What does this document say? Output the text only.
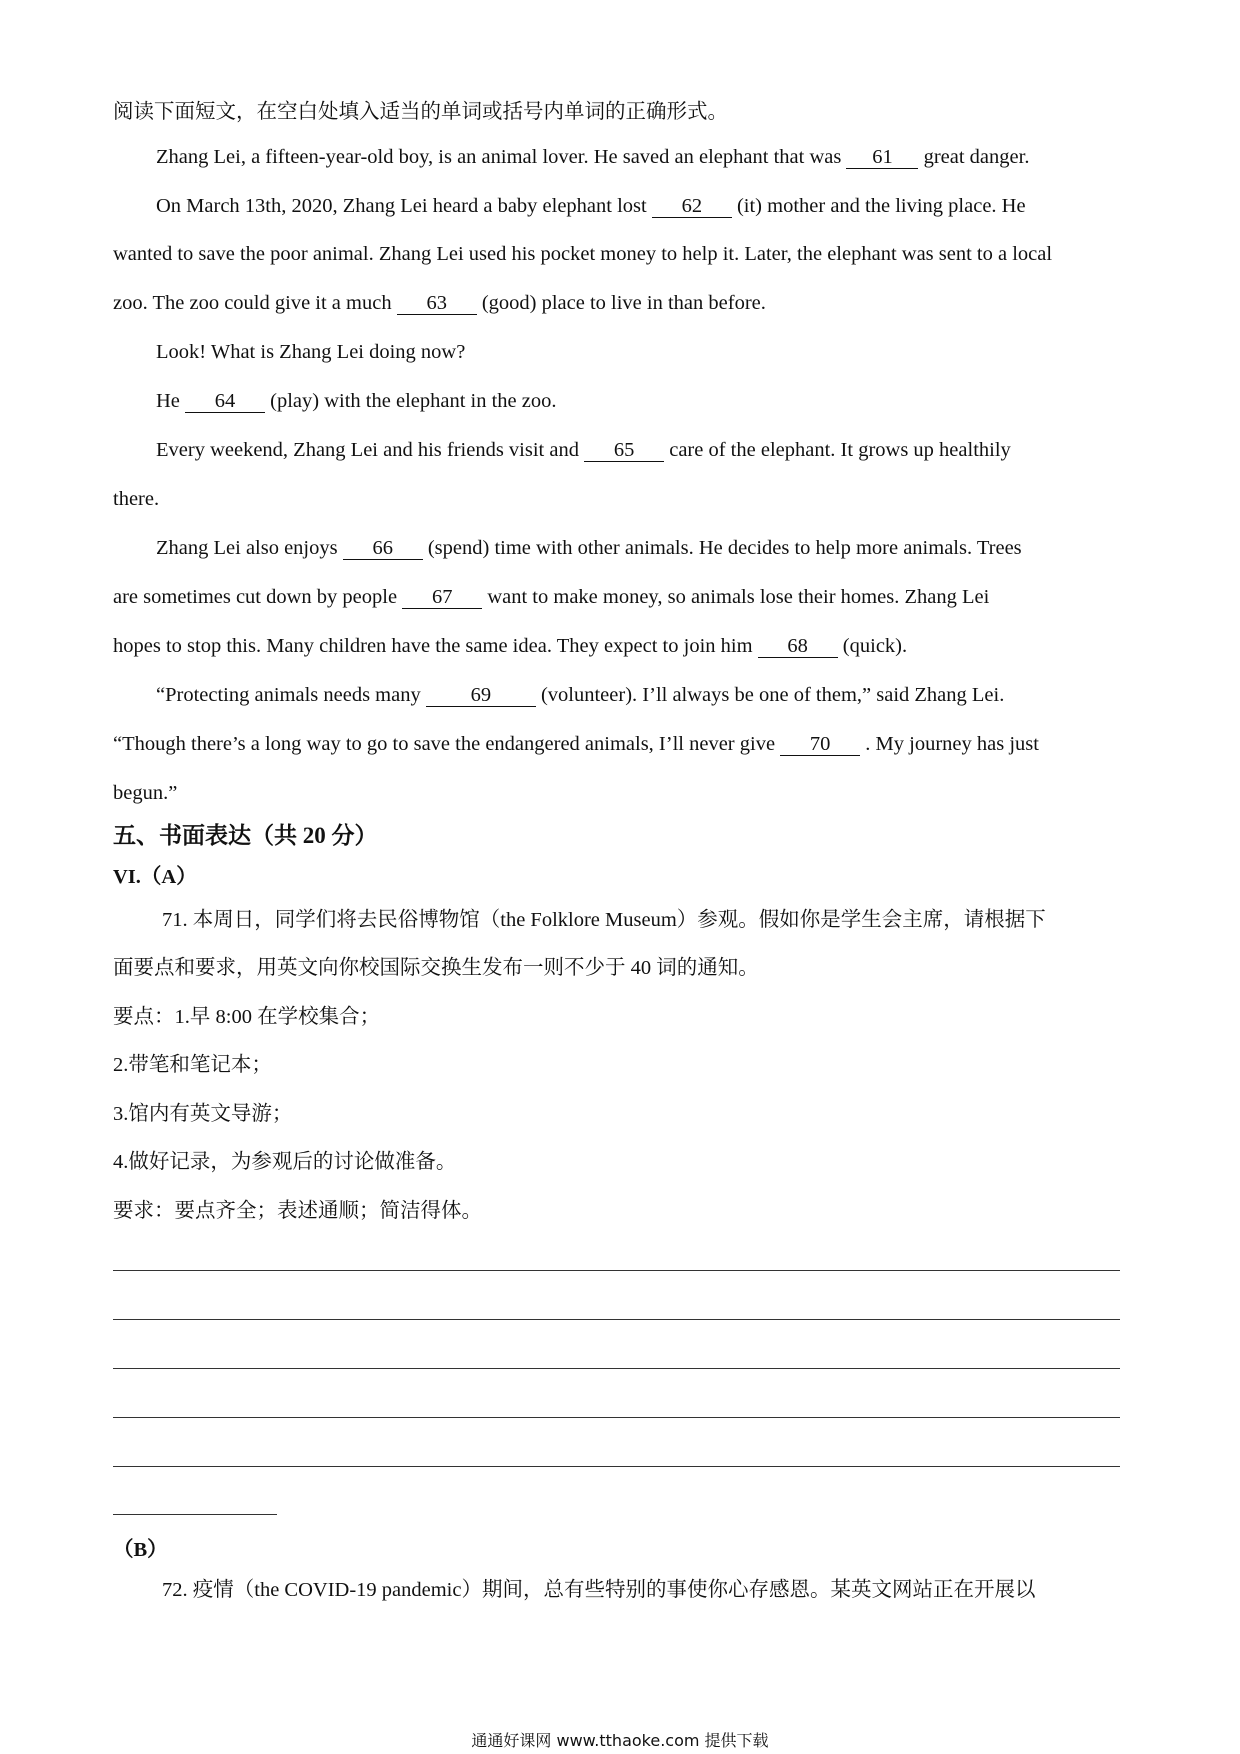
阅读下面短文，在空白处填入适当的单词或括号内单词的正确形式。
Zhang Lei, a fifteen-year-old boy, is an animal lover. He saved an elephant that was 61 great danger.
On March 13th, 2020, Zhang Lei heard a baby elephant lost 62 (it) mother and the living place. He
wanted to save the poor animal. Zhang Lei used his pocket money to help it. Later, the elephant was sent to a local
zoo. The zoo could give it a much 63 (good) place to live in than before.
Look! What is Zhang Lei doing now?
He 64 (play) with the elephant in the zoo.
Every weekend, Zhang Lei and his friends visit and 65 care of the elephant. It grows up healthily
there.
Zhang Lei also enjoys 66 (spend) time with other animals. He decides to help more animals. Trees
are sometimes cut down by people 67 want to make money, so animals lose their homes. Zhang Lei
hopes to stop this. Many children have the same idea. They expect to join him 68 (quick).
“Protecting animals needs many 69 (volunteer). I’ll always be one of them,” said Zhang Lei.
“Though there’s a long way to go to save the endangered animals, I’ll never give 70 . My journey has just
begun.”
五、书面表达（共 20 分）
VI.（A）
71. 本周日，同学们将去民俗博物馆（the Folklore Museum）参观。假如你是学生会主席，请根据下
面要点和要求，用英文向你校国际交换生发布一则不少于 40 词的通知。
要点：1.早 8:00 在学校集合；
2.带笔和笔记本；
3.馆内有英文导游；
4.做好记录，为参观后的讨论做准备。
要求：要点齐全；表述通顺；简洁得体。
（B）
72. 疫情（the COVID-19 pandemic）期间，总有些特别的事使你心存感恩。某英文网站正在开展以
通通好课网 www.tthaoke.com 提供下载
